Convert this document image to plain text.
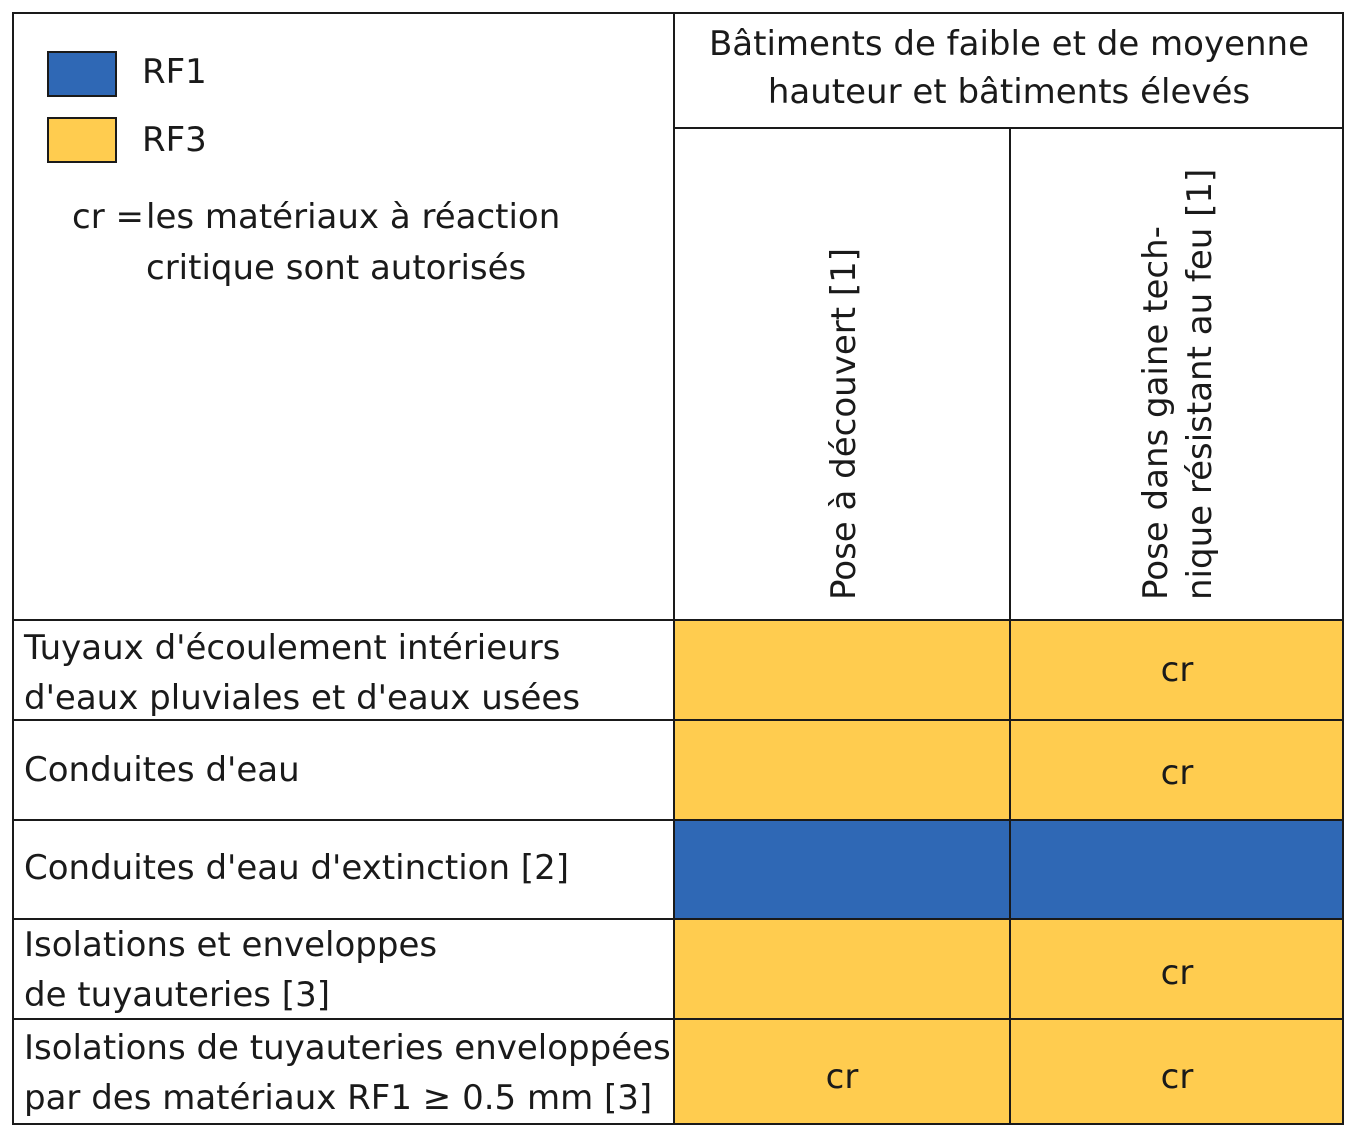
RF1
RF3
cr = les matériaux à réaction
critique sont autorisés
Bâtiments de faible et de moyenne
hauteur et bâtiments élevés
Pose à découvert [1]	Pose dans gaine tech- nique résistant au feu [1]
Tuyaux d'écoulement intérieurs
d'eaux pluviales et d'eaux usées
Conduites d'eau
Conduites d'eau d'extinction [2]
Isolations et enveloppes
de tuyauteries [3]
Isolations de tuyauteries enveloppées
par des matériaux RF1 ≥ 0.5 mm [3]
cr
cr
cr
cr	cr
